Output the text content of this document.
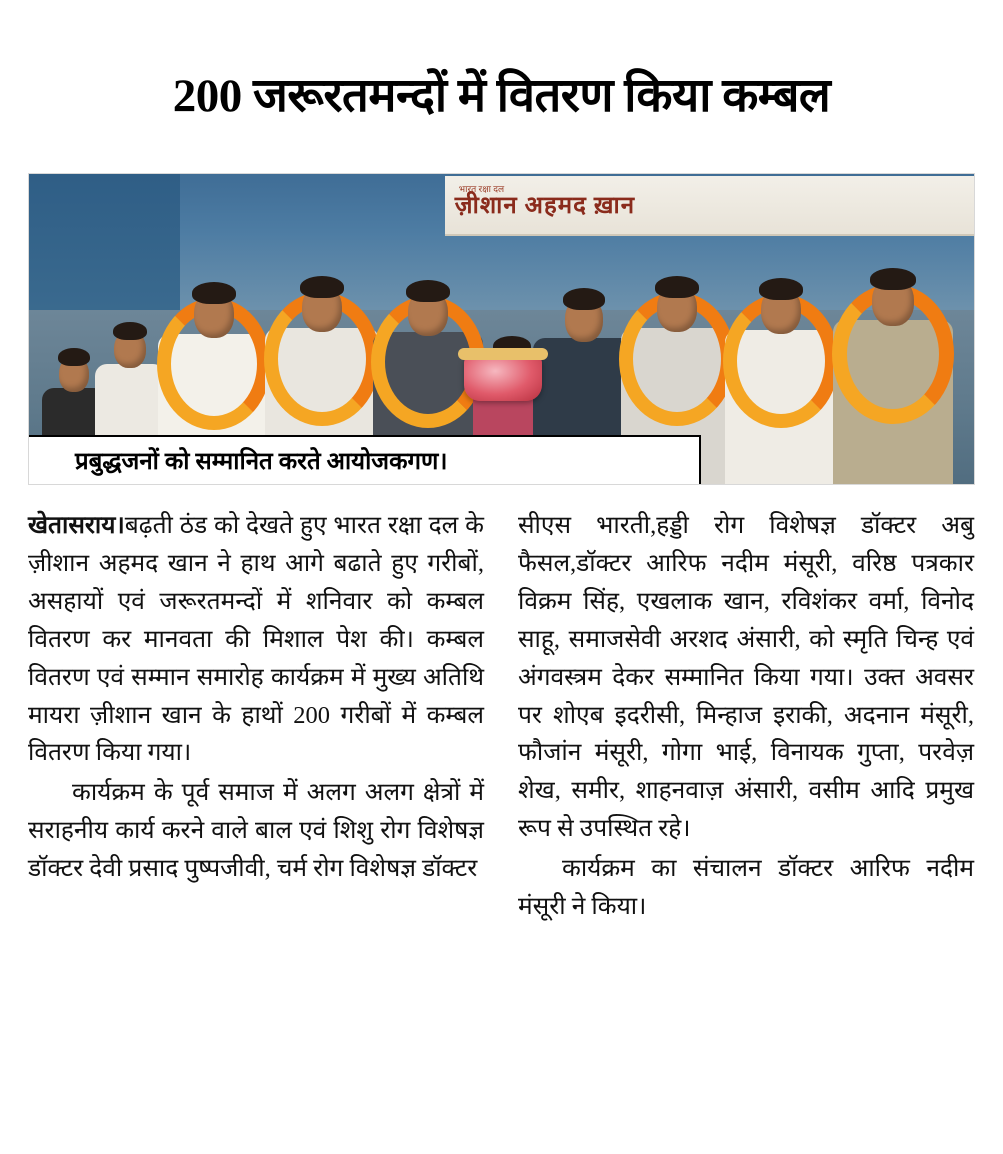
200 जरूरतमन्दों में वितरण किया कम्बल
भारत रक्षा दल
ज़ीशान अहमद ख़ान
प्रबुद्ध‍जनों को सम्मानित करते आयोजकगण।

खेतासराय।बढ़ती ठंड को देखते हुए भारत रक्षा दल के ज़ीशान अहमद खान ने हाथ आगे बढाते हुए गरीबों, असहायों एवं जरूरतमन्दों में शनिवार को कम्बल वितरण कर मानवता की मिशाल पेश की। कम्बल वितरण एवं सम्मान समारोह कार्यक्रम में मुख्य अतिथि मायरा ज़ीशान खान के हाथों 200 गरीबों में कम्बल वितरण किया गया।

कार्यक्रम के पूर्व समाज में अलग अलग क्षेत्रों में सराहनीय कार्य करने वाले बाल एवं शिशु रोग विशेषज्ञ डॉक्टर देवी प्रसाद पुष्पजीवी, चर्म रोग विशेषज्ञ डॉक्टर

सीएस भारती,हड्डी रोग विशेषज्ञ डॉक्टर अबु फैसल,डॉक्टर आरिफ नदीम मंसूरी, वरिष्ठ पत्रकार विक्रम सिंह, एखलाक खान, रविशंकर वर्मा, विनोद साहू, समाजसेवी अरशद अंसारी, को स्मृति चिन्ह एवं अंगवस्त्रम देकर सम्मानित किया गया। उक्त अवसर पर शोएब इदरीसी, मिन्हाज इराकी, अदनान मंसूरी, फौजांन मंसूरी, गोगा भाई, विनायक गुप्ता, परवेज़ शेख, समीर, शाहनवाज़ अंसारी, वसीम आदि प्रमुख रूप से उपस्थित रहे।

कार्यक्रम का संचालन डॉक्टर आरिफ नदीम मंसूरी ने किया।
